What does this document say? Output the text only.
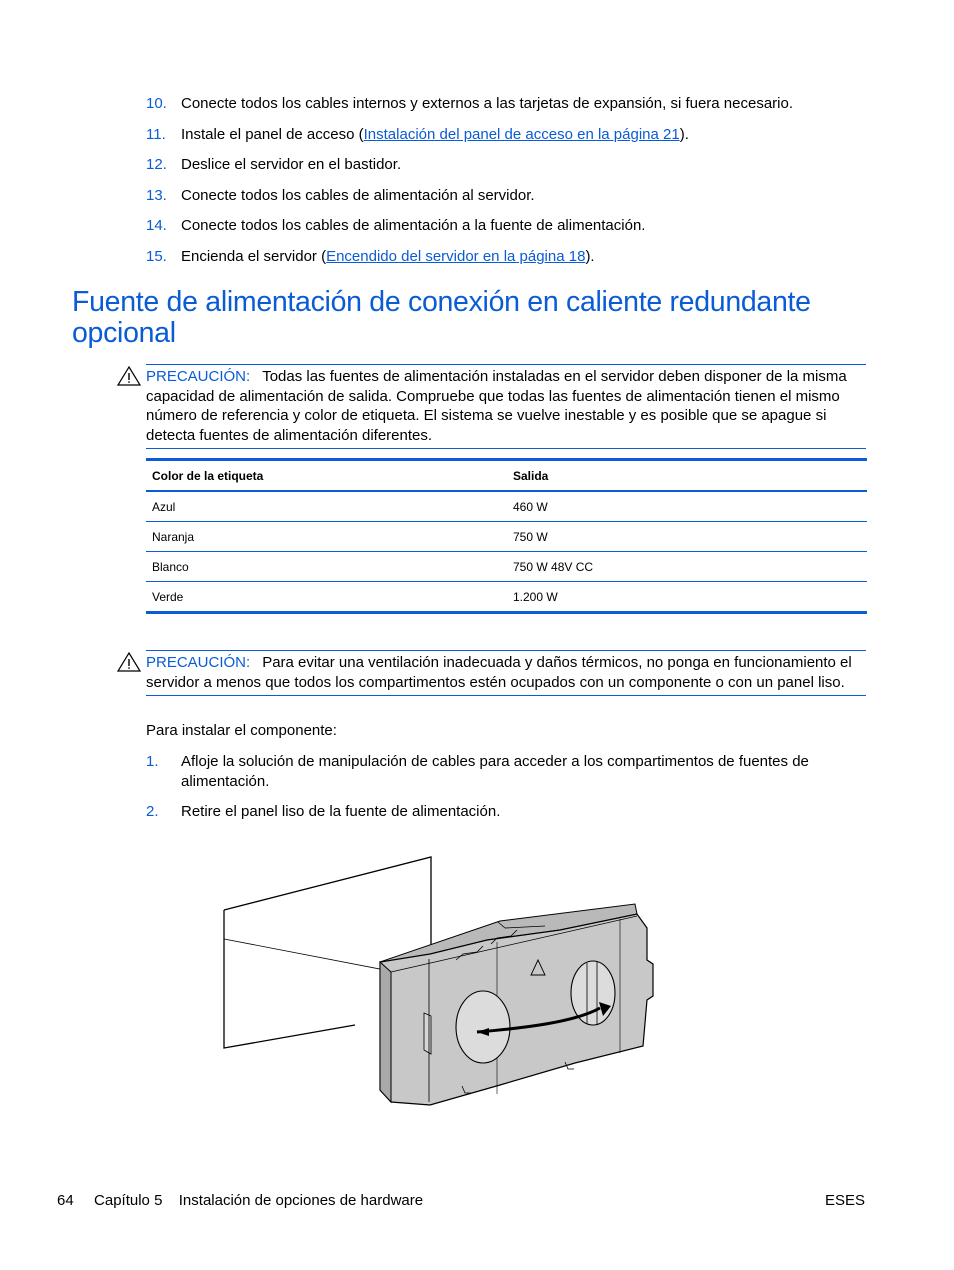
10. Conecte todos los cables internos y externos a las tarjetas de expansión, si fuera necesario.
11. Instale el panel de acceso (Instalación del panel de acceso en la página 21).
12. Deslice el servidor en el bastidor.
13. Conecte todos los cables de alimentación al servidor.
14. Conecte todos los cables de alimentación a la fuente de alimentación.
15. Encienda el servidor (Encendido del servidor en la página 18).
Fuente de alimentación de conexión en caliente redundante opcional
PRECAUCIÓN: Todas las fuentes de alimentación instaladas en el servidor deben disponer de la misma capacidad de alimentación de salida. Compruebe que todas las fuentes de alimentación tienen el mismo número de referencia y color de etiqueta. El sistema se vuelve inestable y es posible que se apague si detecta fuentes de alimentación diferentes.
Color de la etiqueta	Salida
Azul	460 W
Naranja	750 W
Blanco	750 W 48V CC
Verde	1.200 W
PRECAUCIÓN: Para evitar una ventilación inadecuada y daños térmicos, no ponga en funcionamiento el servidor a menos que todos los compartimentos estén ocupados con un componente o con un panel liso.
Para instalar el componente:
1. Afloje la solución de manipulación de cables para acceder a los compartimentos de fuentes de alimentación.
2. Retire el panel liso de la fuente de alimentación.
64 Capítulo 5 Instalación de opciones de hardware	ESES
